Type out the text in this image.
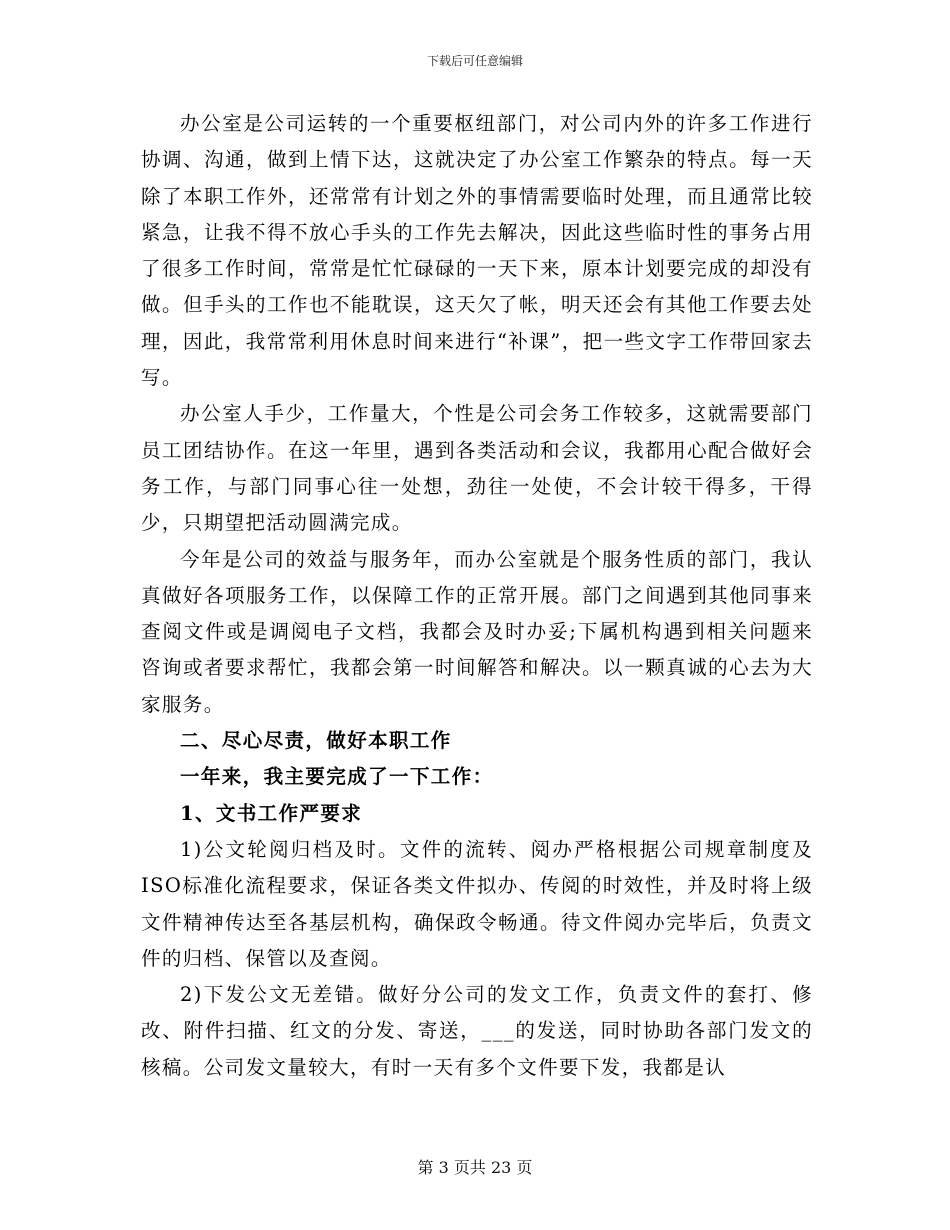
下载后可任意编辑

办公室是公司运转的一个重要枢纽部门，对公司内外的许多工作进行协调、沟通，做到上情下达，这就决定了办公室工作繁杂的特点。每一天除了本职工作外，还常常有计划之外的事情需要临时处理，而且通常比较紧急，让我不得不放心手头的工作先去解决，因此这些临时性的事务占用了很多工作时间，常常是忙忙碌碌的一天下来，原本计划要完成的却没有做。但手头的工作也不能耽误，这天欠了帐，明天还会有其他工作要去处理，因此，我常常利用休息时间来进行“补课”，把一些文字工作带回家去写。

办公室人手少，工作量大，个性是公司会务工作较多，这就需要部门员工团结协作。在这一年里，遇到各类活动和会议，我都用心配合做好会务工作，与部门同事心往一处想，劲往一处使，不会计较干得多，干得少，只期望把活动圆满完成。

今年是公司的效益与服务年，而办公室就是个服务性质的部门，我认真做好各项服务工作，以保障工作的正常开展。部门之间遇到其他同事来查阅文件或是调阅电子文档，我都会及时办妥;下属机构遇到相关问题来咨询或者要求帮忙，我都会第一时间解答和解决。以一颗真诚的心去为大家服务。

二、尽心尽责，做好本职工作

一年来，我主要完成了一下工作：

1、文书工作严要求

1)公文轮阅归档及时。文件的流转、阅办严格根据公司规章制度及ISO标准化流程要求，保证各类文件拟办、传阅的时效性，并及时将上级文件精神传达至各基层机构，确保政令畅通。待文件阅办完毕后，负责文件的归档、保管以及查阅。

2)下发公文无差错。做好分公司的发文工作，负责文件的套打、修改、附件扫描、红文的分发、寄送，___的发送，同时协助各部门发文的核稿。公司发文量较大，有时一天有多个文件要下发，我都是认

第 3 页共 23 页
